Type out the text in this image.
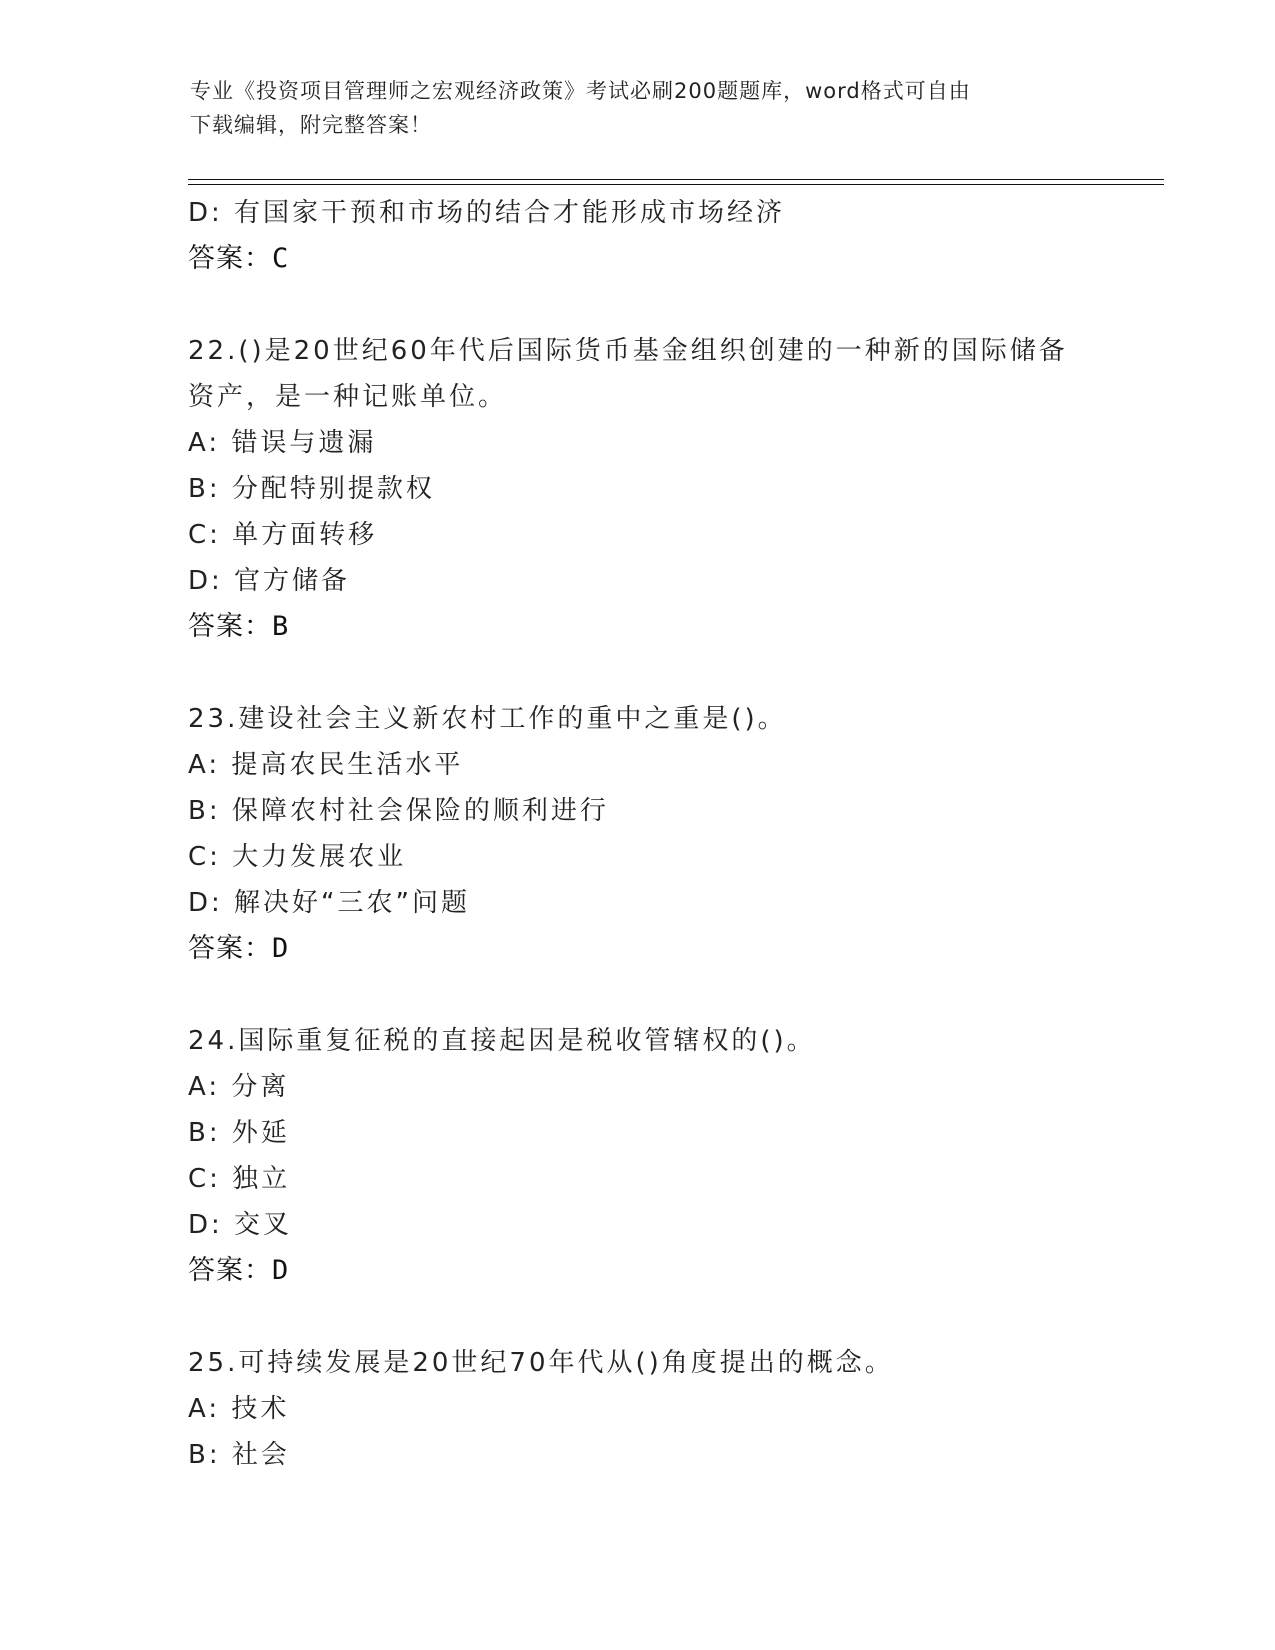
专业《投资项目管理师之宏观经济政策》考试必刷200题题库，word格式可自由
下载编辑，附完整答案！
D: 有国家干预和市场的结合才能形成市场经济
答案：C
22.()是20世纪60年代后国际货币基金组织创建的一种新的国际储备
资产，是一种记账单位。
A: 错误与遗漏
B: 分配特别提款权
C: 单方面转移
D: 官方储备
答案：B
23.建设社会主义新农村工作的重中之重是()。
A: 提高农民生活水平
B: 保障农村社会保险的顺利进行
C: 大力发展农业
D: 解决好“三农”问题
答案：D
24.国际重复征税的直接起因是税收管辖权的()。
A: 分离
B: 外延
C: 独立
D: 交叉
答案：D
25.可持续发展是20世纪70年代从()角度提出的概念。
A: 技术
B: 社会
